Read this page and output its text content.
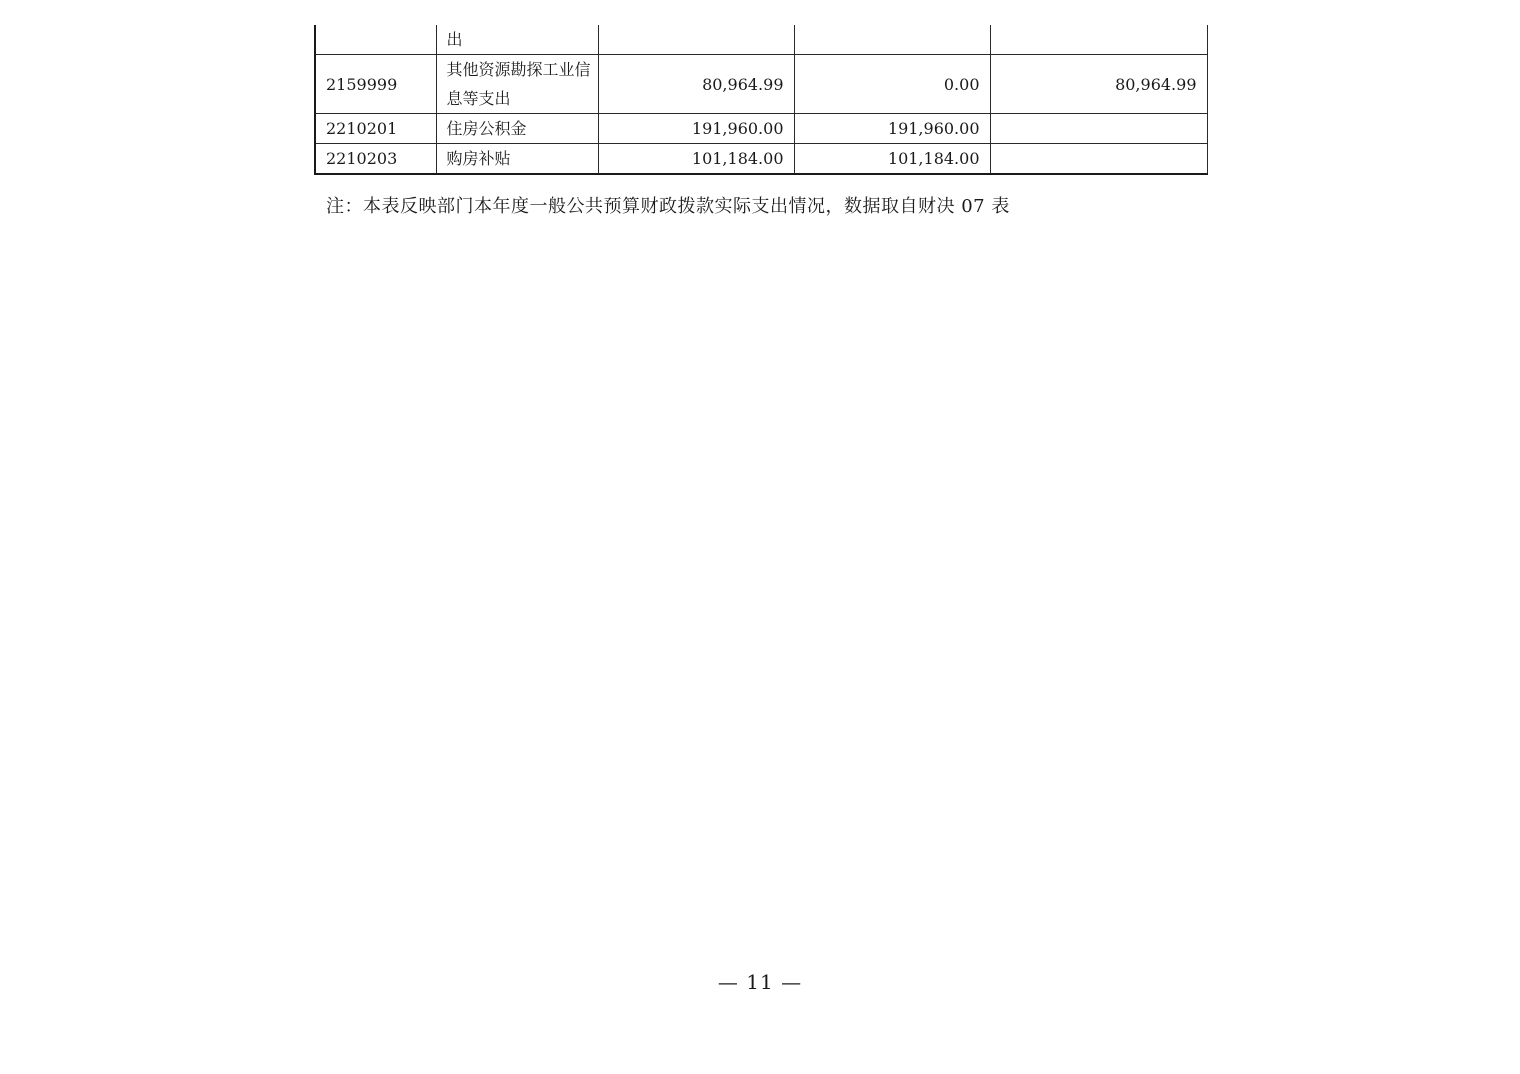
	出			
2159999	其他资源勘探工业信息等支出	80,964.99	0.00	80,964.99
2210201	住房公积金	191,960.00	191,960.00	
2210203	购房补贴	101,184.00	101,184.00	
注：本表反映部门本年度一般公共预算财政拨款实际支出情况，数据取自财决 07 表
— 11 —
